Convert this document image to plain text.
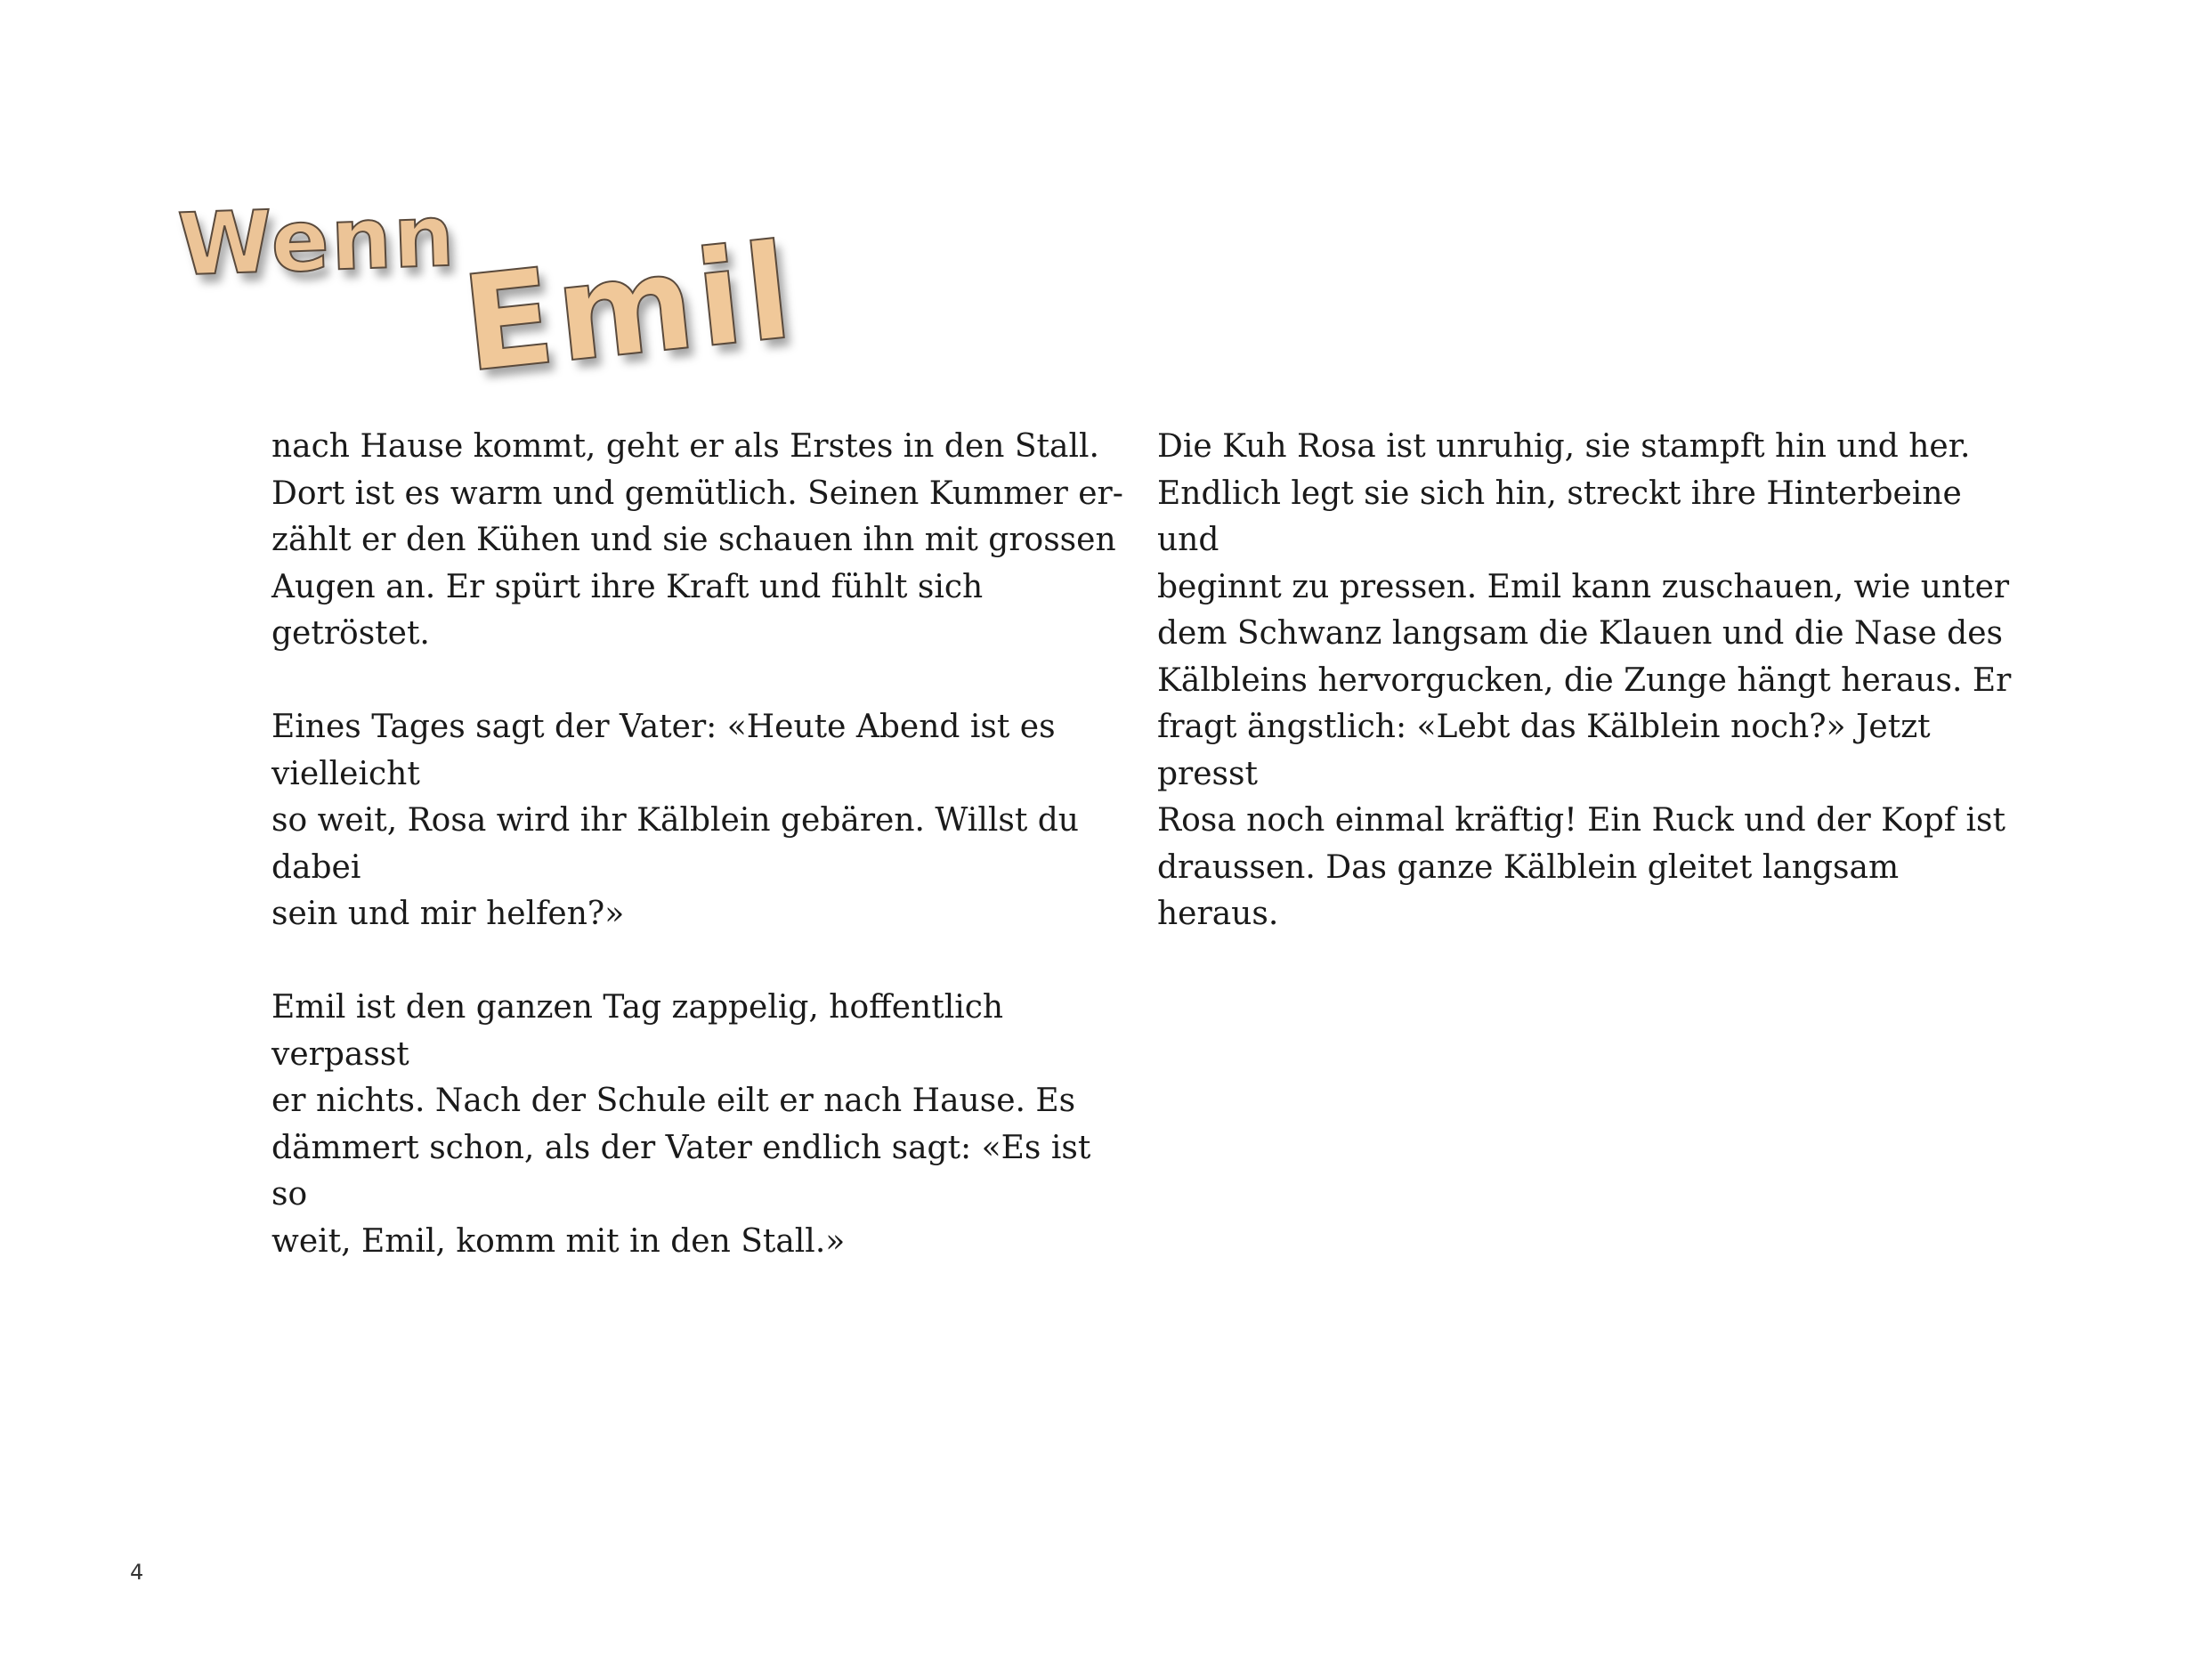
Wenn
Emil

nach Hause kommt, geht er als Erstes in den Stall.
Dort ist es warm und gemütlich. Seinen Kummer er-
zählt er den Kühen und sie schauen ihn mit grossen
Augen an. Er spürt ihre Kraft und fühlt sich getröstet.

Eines Tages sagt der Vater: «Heute Abend ist es vielleicht
so weit, Rosa wird ihr Kälblein gebären. Willst du dabei
sein und mir helfen?»

Emil ist den ganzen Tag zappelig, hoffentlich verpasst
er nichts. Nach der Schule eilt er nach Hause. Es
dämmert schon, als der Vater endlich sagt: «Es ist so
weit, Emil, komm mit in den Stall.»

Die Kuh Rosa ist unruhig, sie stampft hin und her.
Endlich legt sie sich hin, streckt ihre Hinterbeine und
beginnt zu pressen. Emil kann zuschauen, wie unter
dem Schwanz langsam die Klauen und die Nase des
Kälbleins hervorgucken, die Zunge hängt heraus. Er
fragt ängstlich: «Lebt das Kälblein noch?» Jetzt presst
Rosa noch einmal kräftig! Ein Ruck und der Kopf ist
draussen. Das ganze Kälblein gleitet langsam heraus.

4
